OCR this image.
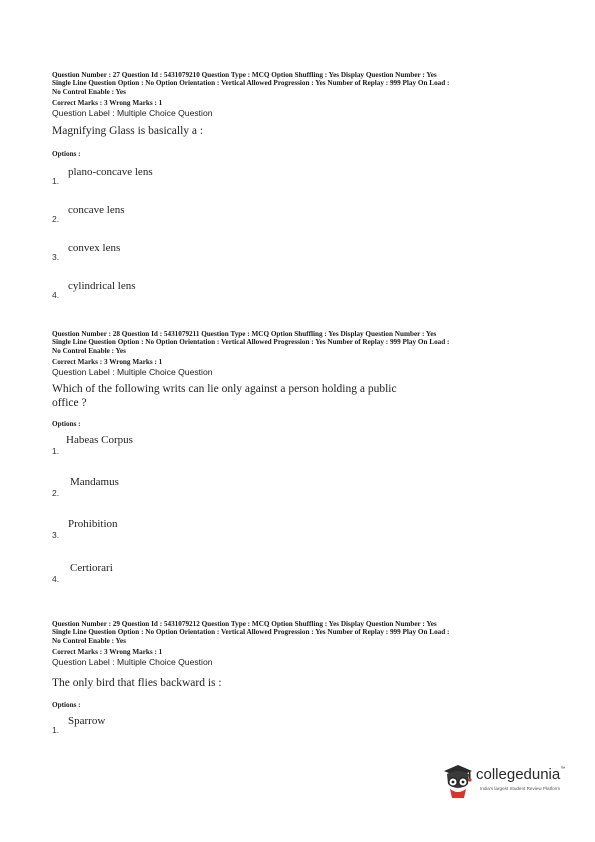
Question Number : 27 Question Id : 5431079210 Question Type : MCQ Option Shuffling : Yes Display Question Number : Yes
Single Line Question Option : No Option Orientation : Vertical Allowed Progression : Yes Number of Replay : 999 Play On Load :
No Control Enable : Yes
Correct Marks : 3 Wrong Marks : 1
Question Label : Multiple Choice Question
Magnifying Glass is basically a :
Options :
1.
plano-concave lens
2.
concave lens
3.
convex lens
4.
cylindrical lens
Question Number : 28 Question Id : 5431079211 Question Type : MCQ Option Shuffling : Yes Display Question Number : Yes
Single Line Question Option : No Option Orientation : Vertical Allowed Progression : Yes Number of Replay : 999 Play On Load :
No Control Enable : Yes
Correct Marks : 3 Wrong Marks : 1
Question Label : Multiple Choice Question
Which of the following writs can lie only against a person holding a public
office ?
Options :
1.
Habeas Corpus
2.
Mandamus
3.
Prohibition
4.
Certiorari
Question Number : 29 Question Id : 5431079212 Question Type : MCQ Option Shuffling : Yes Display Question Number : Yes
Single Line Question Option : No Option Orientation : Vertical Allowed Progression : Yes Number of Replay : 999 Play On Load :
No Control Enable : Yes
Correct Marks : 3 Wrong Marks : 1
Question Label : Multiple Choice Question
The only bird that flies backward is :
Options :
1.
Sparrow
collegedunia™
India's largest Student Review Platform
